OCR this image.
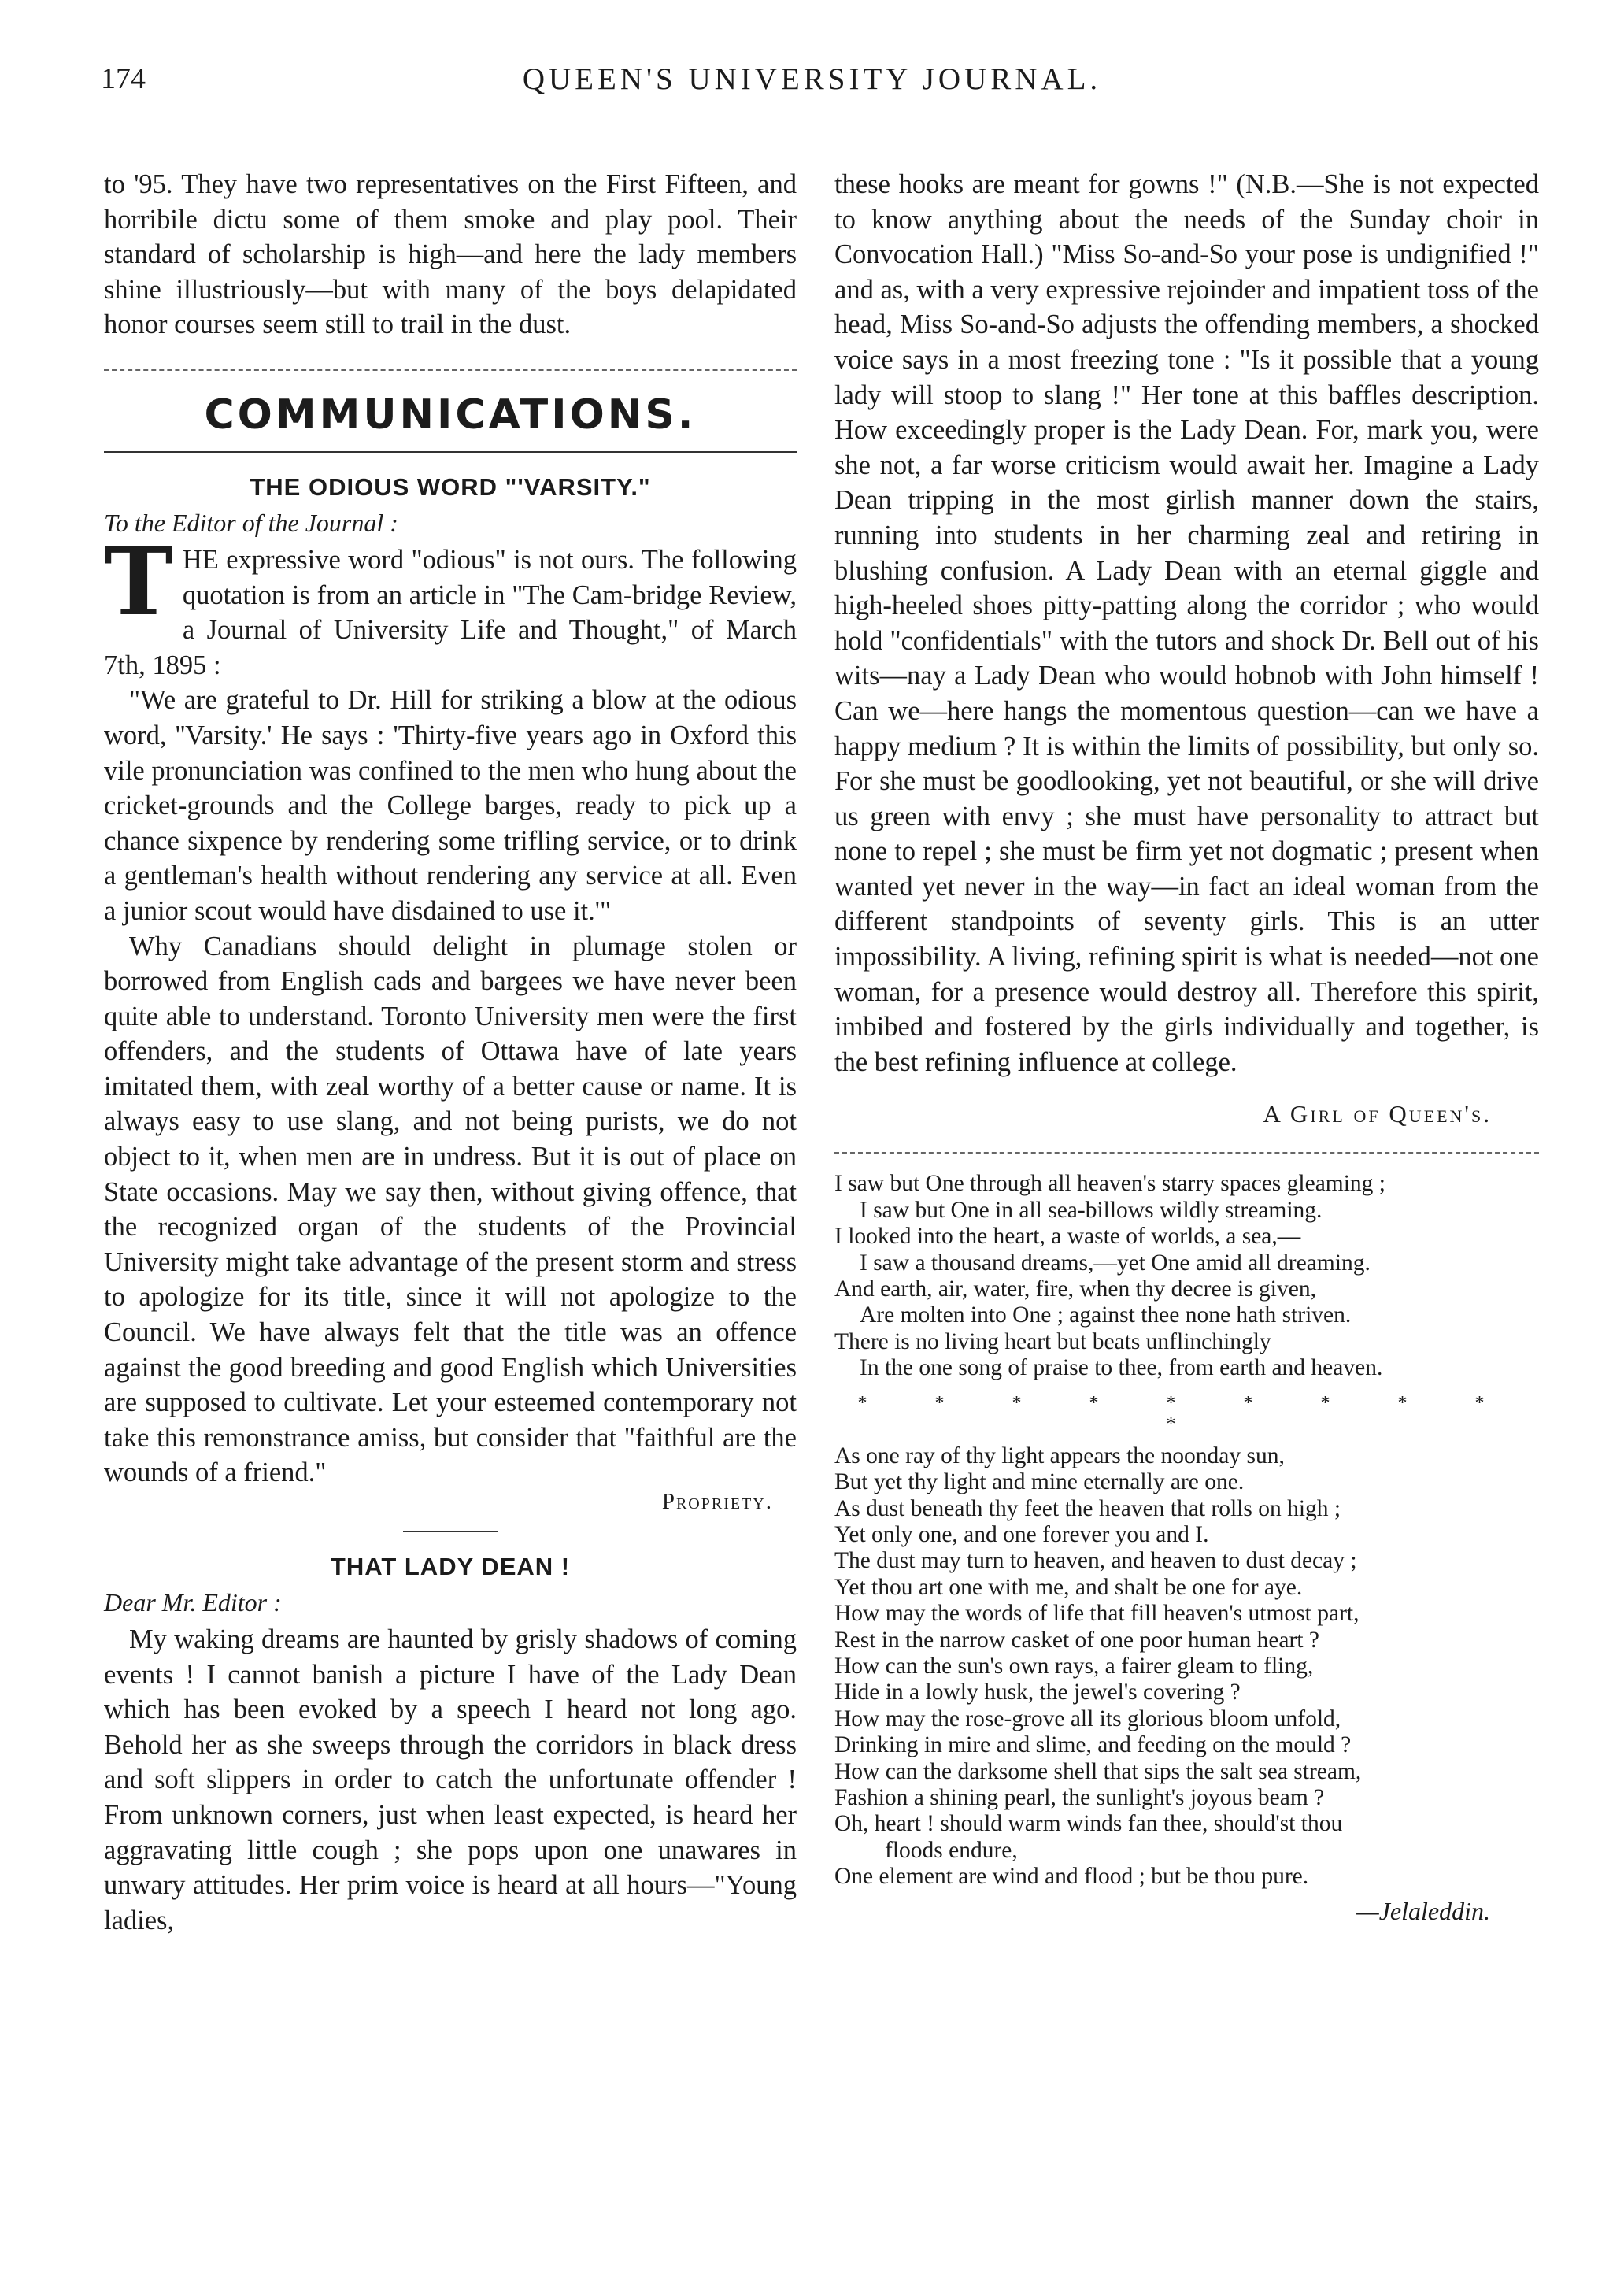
174	QUEEN'S UNIVERSITY JOURNAL.

to '95. They have two representatives on the First Fifteen, and horribile dictu some of them smoke and play pool. Their standard of scholarship is high—and here the lady members shine illustriously—but with many of the boys delapidated honor courses seem still to trail in the dust.

COMMUNICATIONS.
THE ODIOUS WORD "'VARSITY."
To the Editor of the Journal :

THE expressive word "odious" is not ours. The following quotation is from an article in "The Cam-bridge Review, a Journal of University Life and Thought," of March 7th, 1895 :

"We are grateful to Dr. Hill for striking a blow at the odious word, ''Varsity.' He says : 'Thirty-five years ago in Oxford this vile pronunciation was confined to the men who hung about the cricket-grounds and the College barges, ready to pick up a chance sixpence by rendering some trifling service, or to drink a gentleman's health without rendering any service at all. Even a junior scout would have disdained to use it.'"

Why Canadians should delight in plumage stolen or borrowed from English cads and bargees we have never been quite able to understand. Toronto University men were the first offenders, and the students of Ottawa have of late years imitated them, with zeal worthy of a better cause or name. It is always easy to use slang, and not being purists, we do not object to it, when men are in undress. But it is out of place on State occasions. May we say then, without giving offence, that the recognized organ of the students of the Provincial University might take advantage of the present storm and stress to apologize for its title, since it will not apologize to the Council. We have always felt that the title was an offence against the good breeding and good English which Universities are supposed to cultivate. Let your esteemed contemporary not take this remonstrance amiss, but consider that "faithful are the wounds of a friend."

Propriety.
THAT LADY DEAN !
Dear Mr. Editor :

My waking dreams are haunted by grisly shadows of coming events ! I cannot banish a picture I have of the Lady Dean which has been evoked by a speech I heard not long ago. Behold her as she sweeps through the corridors in black dress and soft slippers in order to catch the unfortunate offender ! From unknown corners, just when least expected, is heard her aggravating little cough ; she pops upon one unawares in unwary attitudes. Her prim voice is heard at all hours—"Young ladies,

these hooks are meant for gowns !" (N.B.—She is not expected to know anything about the needs of the Sunday choir in Convocation Hall.) "Miss So-and-So your pose is undignified !" and as, with a very expressive rejoinder and impatient toss of the head, Miss So-and-So adjusts the offending members, a shocked voice says in a most freezing tone : "Is it possible that a young lady will stoop to slang !" Her tone at this baffles description. How exceedingly proper is the Lady Dean. For, mark you, were she not, a far worse criticism would await her. Imagine a Lady Dean tripping in the most girlish manner down the stairs, running into students in her charming zeal and retiring in blushing confusion. A Lady Dean with an eternal giggle and high-heeled shoes pitty-patting along the corridor ; who would hold "confidentials" with the tutors and shock Dr. Bell out of his wits—nay a Lady Dean who would hobnob with John himself ! Can we—here hangs the momentous question—can we have a happy medium ? It is within the limits of possibility, but only so. For she must be goodlooking, yet not beautiful, or she will drive us green with envy ; she must have personality to attract but none to repel ; she must be firm yet not dogmatic ; present when wanted yet never in the way—in fact an ideal woman from the different standpoints of seventy girls. This is an utter impossibility. A living, refining spirit is what is needed—not one woman, for a presence would destroy all. Therefore this spirit, imbibed and fostered by the girls individually and together, is the best refining influence at college.

A Girl of Queen's.
I saw but One through all heaven's starry spaces gleaming ;
I saw but One in all sea-billows wildly streaming.
I looked into the heart, a waste of worlds, a sea,—
I saw a thousand dreams,—yet One amid all dreaming.
And earth, air, water, fire, when thy decree is given,
Are molten into One ; against thee none hath striven.
There is no living heart but beats unflinchingly
In the one song of praise to thee, from earth and heaven.
* * * * * * * * * *
As one ray of thy light appears the noonday sun,
But yet thy light and mine eternally are one.
As dust beneath thy feet the heaven that rolls on high ;
Yet only one, and one forever you and I.
The dust may turn to heaven, and heaven to dust decay ;
Yet thou art one with me, and shalt be one for aye.
How may the words of life that fill heaven's utmost part,
Rest in the narrow casket of one poor human heart ?
How can the sun's own rays, a fairer gleam to fling,
Hide in a lowly husk, the jewel's covering ?
How may the rose-grove all its glorious bloom unfold,
Drinking in mire and slime, and feeding on the mould ?
How can the darksome shell that sips the salt sea stream,
Fashion a shining pearl, the sunlight's joyous beam ?
Oh, heart ! should warm winds fan thee, should'st thou
floods endure,
One element are wind and flood ; but be thou pure.
—Jelaleddin.
